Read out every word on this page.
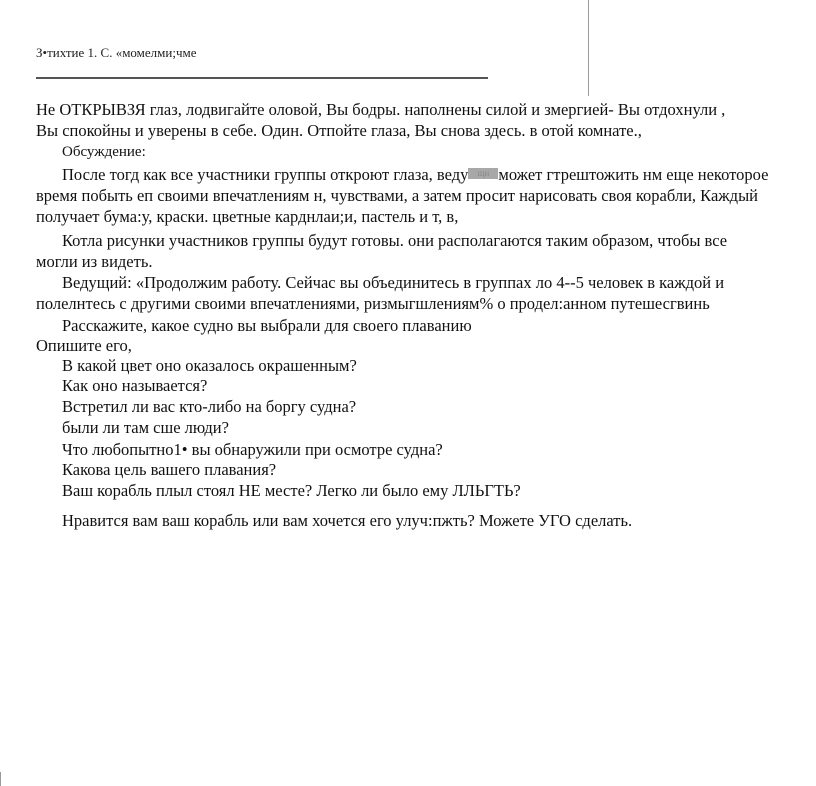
З•тихтие 1. С. «момелми;чме
Не ОТКРЫВЗЯ глаз, лодвигайте оловой, Вы бодры. наполнены силой и змергией- Вы отдохнули ,
Вы спокойны и уверены в себе. Один. Отпойте глаза, Вы снова здесь. в отой комнате.,
Обсуждение:
После тогд как все участники группы откроют глаза, веду щи может гтрештожить нм еще некоторое
время побыть еп своими впечатлениям н, чувствами, а затем просит нарисовать своя корабли, Каждый
получает бума:у, краски. цветные карднлаи;и, пастель и т, в,
Котла рисунки участников группы будут готовы. они располагаются таким образом, чтобы все
могли из видеть.
Ведущий: «Продолжим работу. Сейчас вы объединитесь в группах ло 4--5 человек в каждой и
полелнтесь с другими своими впечатлениями, ризмыгшлениям% о продел:анном путешесгвинь
Расскажите, какое судно вы выбрали для своего плаванию
Опишите его,
В какой цвет оно оказалось окрашенным?
Как оно называется?
Встретил ли вас кто-либо на боргу судна?
были ли там сше люди?
Что любопытно1• вы обнаружили при осмотре судна?
Какова цель вашего плавания?
Ваш корабль плыл стоял НЕ месте? Легко ли было ему ЛЛЬГТЬ?
Нравится вам ваш корабль или вам хочется его улуч:пжть? Можете УГО сделать.
